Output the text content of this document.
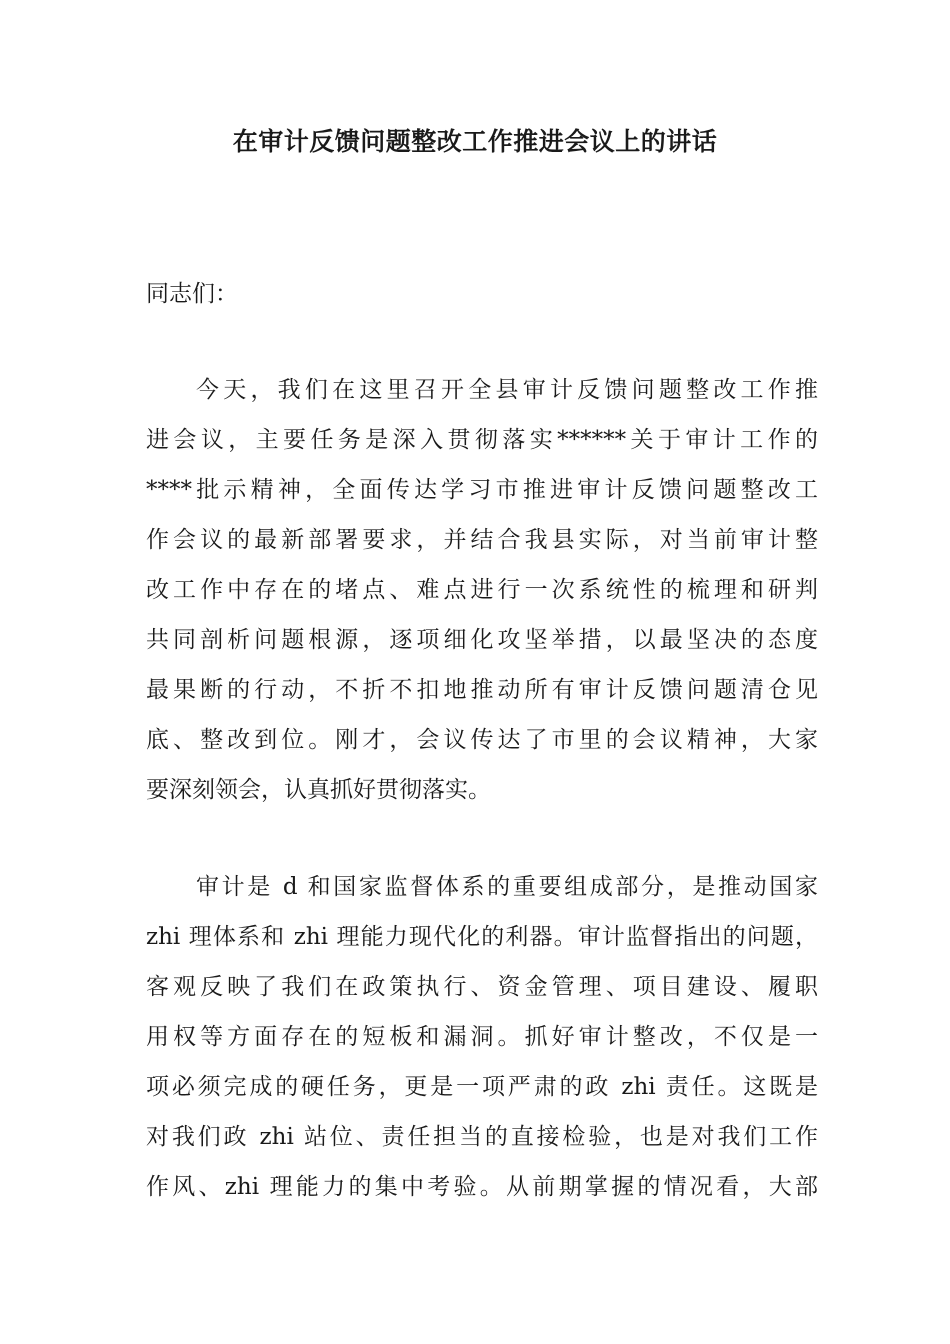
在审计反馈问题整改工作推进会议上的讲话

同志们：

今天，我们在这里召开全县审计反馈问题整改工作推
进会议，主要任务是深入贯彻落实******关于审计工作的
****批示精神，全面传达学习市推进审计反馈问题整改工
作会议的最新部署要求，并结合我县实际，对当前审计整
改工作中存在的堵点、难点进行一次系统性的梳理和研判
共同剖析问题根源，逐项细化攻坚举措，以最坚决的态度
最果断的行动，不折不扣地推动所有审计反馈问题清仓见
底、整改到位。刚才，会议传达了市里的会议精神，大家
要深刻领会，认真抓好贯彻落实。
审计是 d 和国家监督体系的重要组成部分，是推动国家
zhi 理体系和 zhi 理能力现代化的利器。审计监督指出的问题，
客观反映了我们在政策执行、资金管理、项目建设、履职
用权等方面存在的短板和漏洞。抓好审计整改，不仅是一
项必须完成的硬任务，更是一项严肃的政 zhi 责任。这既是
对我们政 zhi 站位、责任担当的直接检验，也是对我们工作
作风、zhi 理能力的集中考验。从前期掌握的情况看，大部
